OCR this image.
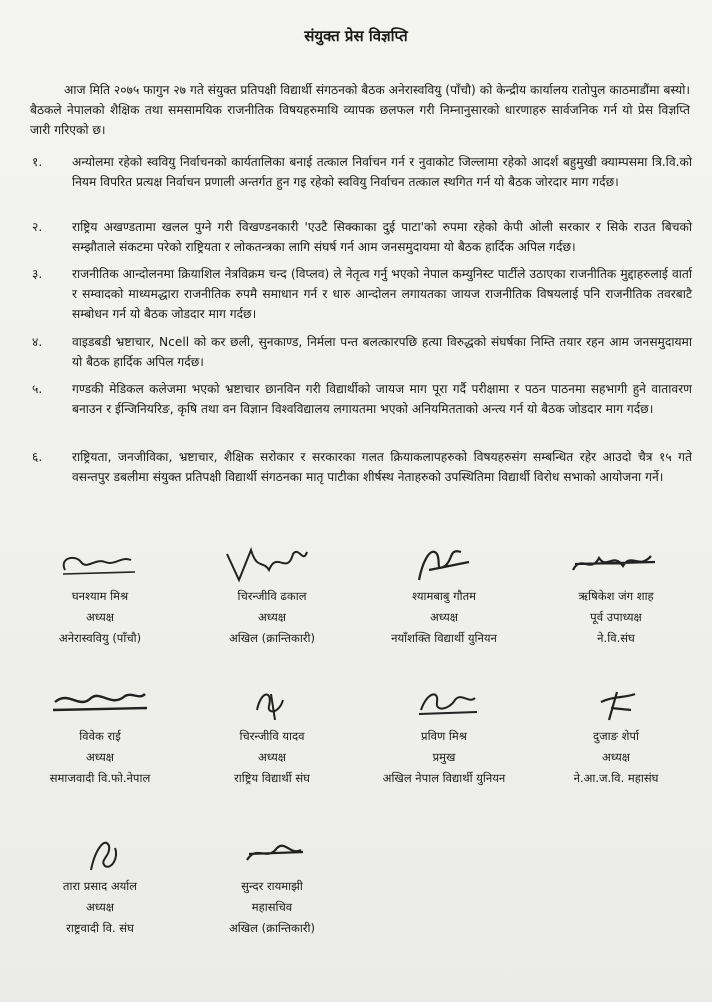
संयुक्त प्रेस विज्ञप्ति

आज मिति २०७५ फागुन २७ गते संयुक्त प्रतिपक्षी विद्यार्थी संगठनको बैठक अनेरास्ववियु (पाँचौ) को केन्द्रीय कार्यालय रातोपुल काठमाडौंमा बस्यो। बैठकले नेपालको शैक्षिक तथा समसामयिक राजनीतिक विषयहरुमाथि व्यापक छलफल गरी निम्नानुसारको धारणाहरु सार्वजनिक गर्न यो प्रेस विज्ञप्ति जारी गरिएको छ।

१.	अन्योलमा रहेको स्ववियु निर्वाचनको कार्यतालिका बनाई तत्काल निर्वाचन गर्न र नुवाकोट जिल्लामा रहेको आदर्श बहुमुखी क्याम्पसमा त्रि.वि.को नियम विपरित प्रत्यक्ष निर्वाचन प्रणाली अन्तर्गत हुन गइ रहेको स्ववियु निर्वाचन तत्काल स्थगित गर्न यो बैठक जोरदार माग गर्दछ।
२.	राष्ट्रिय अखण्डतामा खलल पुग्ने गरी विखण्डनकारी 'एउटै सिक्काका दुई पाटा'को रुपमा रहेको केपी ओली सरकार र सिके राउत बिचको सम्झौताले संकटमा परेको राष्ट्रियता र लोकतन्त्रका लागि संघर्ष गर्न आम जनसमुदायमा यो बैठक हार्दिक अपिल गर्दछ।
३.	राजनीतिक आन्दोलनमा क्रियाशिल नेत्रविक्रम चन्द (विप्लव) ले नेतृत्व गर्नु भएको नेपाल कम्युनिस्ट पार्टीले उठाएका राजनीतिक मुद्दाहरुलाई वार्ता र सम्वादको माध्यमद्धारा राजनीतिक रुपमै समाधान गर्न र धारु आन्दोलन लगायतका जायज राजनीतिक विषयलाई पनि राजनीतिक तवरबाटै सम्बोधन गर्न यो बैठक जोडदार माग गर्दछ।
४.	वाइडबडी भ्रष्टाचार, Ncell को कर छली, सुनकाण्ड, निर्मला पन्त बलत्कारपछि हत्या विरुद्धको संघर्षका निम्ति तयार रहन आम जनसमुदायमा यो बैठक हार्दिक अपिल गर्दछ।
५.	गण्डकी मेडिकल कलेजमा भएको भ्रष्टाचार छानविन गरी विद्यार्थीको जायज माग पूरा गर्दै परीक्षामा र पठन पाठनमा सहभागी हुने वातावरण बनाउन र ईन्जिनियरिङ, कृषि तथा वन विज्ञान विश्वविद्यालय लगायतमा भएको अनियमितताको अन्त्य गर्न यो बैठक जोडदार माग गर्दछ।
६.	राष्ट्रियता, जनजीविका, भ्रष्टाचार, शैक्षिक सरोकार र सरकारका गलत क्रियाकलापहरुको विषयहरुसंग सम्बन्धित रहेर आउदो चैत्र १५ गते वसन्तपुर डबलीमा संयुक्त प्रतिपक्षी विद्यार्थी संगठनका मातृ पाटीका शीर्षस्थ नेताहरुको उपस्थितिमा विद्यार्थी विरोध सभाको आयोजना गर्ने।
घनश्याम मिश्र
अध्यक्ष
अनेरास्ववियु (पाँचौ)
चिरन्जीवि ढकाल
अध्यक्ष
अखिल (क्रान्तिकारी)
श्यामबाबु गौतम
अध्यक्ष
नयाँशक्ति विद्यार्थी युनियन
ऋषिकेश जंग शाह
पूर्व उपाध्यक्ष
ने.वि.संघ
विवेक राई
अध्यक्ष
समाजवादी वि.फो.नेपाल
चिरन्जीवि यादव
अध्यक्ष
राष्ट्रिय विद्यार्थी संघ
प्रविण मिश्र
प्रमुख
अखिल नेपाल विद्यार्थी युनियन
दुजाङ शेर्पा
अध्यक्ष
ने.आ.ज.वि. महासंघ
तारा प्रसाद अर्याल
अध्यक्ष
राष्ट्रवादी वि. संघ
सुन्दर रायमाझी
महासचिव
अखिल (क्रान्तिकारी)
